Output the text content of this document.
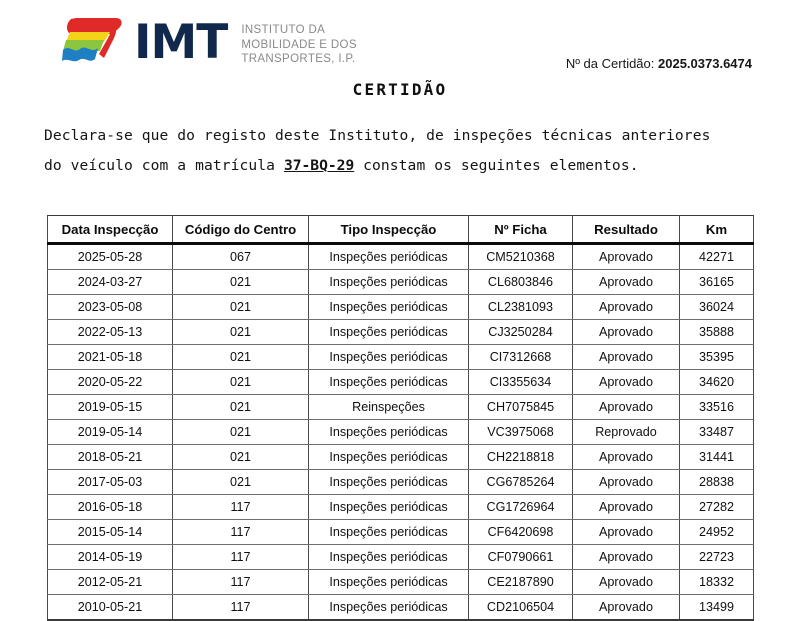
IMT INSTITUTO DA
MOBILIDADE E DOS
TRANSPORTES, I.P.	Nº da Certidão: 2025.0373.6474
CERTIDÃO
Declara-se que do registo deste Instituto, de inspeções técnicas anteriores
do veículo com a matrícula 37-BQ-29 constam os seguintes elementos.
Data Inspecção	Código do Centro	Tipo Inspecção	Nº Ficha	Resultado	Km
2025-05-28	067	Inspeções periódicas	CM5210368	Aprovado	42271
2024-03-27	021	Inspeções periódicas	CL6803846	Aprovado	36165
2023-05-08	021	Inspeções periódicas	CL2381093	Aprovado	36024
2022-05-13	021	Inspeções periódicas	CJ3250284	Aprovado	35888
2021-05-18	021	Inspeções periódicas	CI7312668	Aprovado	35395
2020-05-22	021	Inspeções periódicas	CI3355634	Aprovado	34620
2019-05-15	021	Reinspeções	CH7075845	Aprovado	33516
2019-05-14	021	Inspeções periódicas	VC3975068	Reprovado	33487
2018-05-21	021	Inspeções periódicas	CH2218818	Aprovado	31441
2017-05-03	021	Inspeções periódicas	CG6785264	Aprovado	28838
2016-05-18	117	Inspeções periódicas	CG1726964	Aprovado	27282
2015-05-14	117	Inspeções periódicas	CF6420698	Aprovado	24952
2014-05-19	117	Inspeções periódicas	CF0790661	Aprovado	22723
2012-05-21	117	Inspeções periódicas	CE2187890	Aprovado	18332
2010-05-21	117	Inspeções periódicas	CD2106504	Aprovado	13499
